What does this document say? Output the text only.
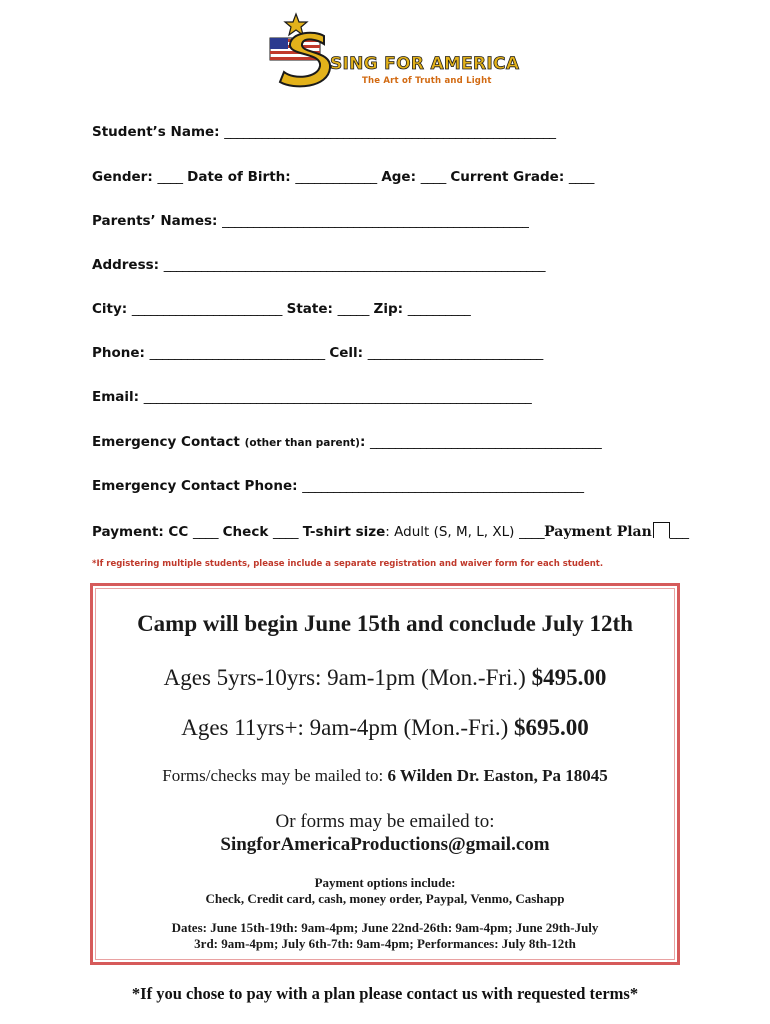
SING FOR AMERICA
The Art of Truth and Light
Student’s Name: _____________________________________________________
Gender: ____ Date of Birth: _____________ Age: ____ Current Grade: ____
Parents’ Names: _________________________________________________
Address: _____________________________________________________________
City: ________________________ State: _____ Zip: __________
Phone: ____________________________ Cell: ____________________________
Email: ______________________________________________________________
Emergency Contact (other than parent): _____________________________________
Emergency Contact Phone: _____________________________________________
Payment: CC ____ Check ____ T-shirt size: Adult (S, M, L, XL) ____Payment Plan ___
*If registering multiple students, please include a separate registration and waiver form for each student.
Camp will begin June 15th and conclude July 12th
Ages 5yrs-10yrs: 9am-1pm (Mon.-Fri.) $495.00
Ages 11yrs+: 9am-4pm (Mon.-Fri.) $695.00
Forms/checks may be mailed to: 6 Wilden Dr. Easton, Pa 18045
Or forms may be emailed to:
SingforAmericaProductions@gmail.com
Payment options include:
Check, Credit card, cash, money order, Paypal, Venmo, Cashapp
Dates: June 15th-19th: 9am-4pm; June 22nd-26th: 9am-4pm; June 29th-July
3rd: 9am-4pm; July 6th-7th: 9am-4pm; Performances: July 8th-12th
*If you chose to pay with a plan please contact us with requested terms*
